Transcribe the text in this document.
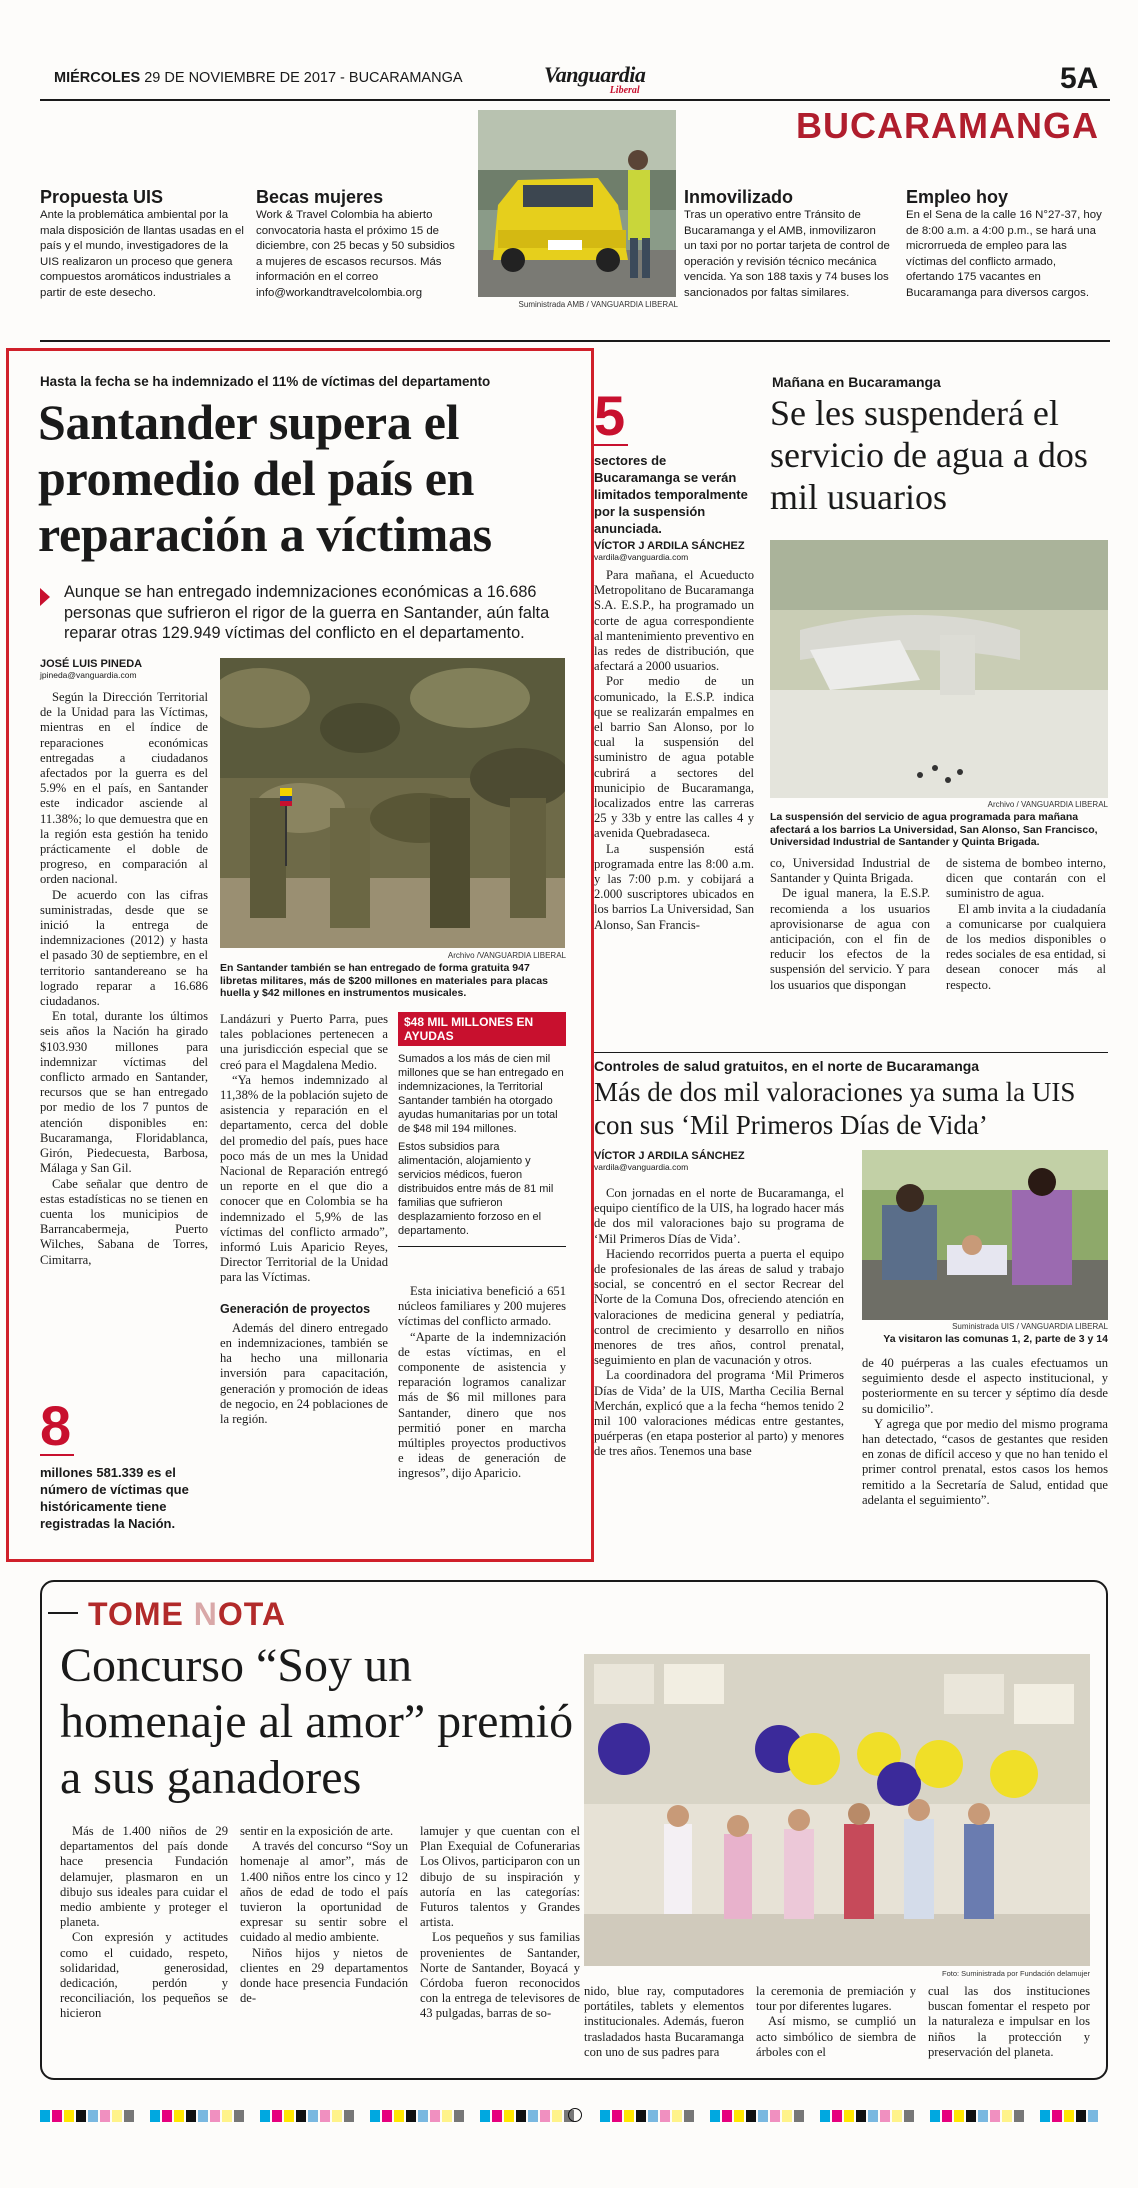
MIÉRCOLES 29 DE NOVIEMBRE DE 2017 - BUCARAMANGA	Vanguardia
Liberal	5A
BUCARAMANGA
Suministrada AMB / VANGUARDIA LIBERAL
Propuesta UIS
Ante la problemática ambiental por la mala disposición de llantas usadas en el país y el mundo, investigadores de la UIS realizaron un proceso que genera compuestos aromáticos industriales a partir de este desecho.
Becas mujeres
Work & Travel Colombia ha abierto convocatoria hasta el próximo 15 de diciembre, con 25 becas y 50 subsidios a mujeres de escasos recursos. Más información en el correo info@workandtravelcolombia.org
Inmovilizado
Tras un operativo entre Tránsito de Bucaramanga y el AMB, inmovilizaron un taxi por no portar tarjeta de control de operación y revisión técnico mecánica vencida. Ya son 188 taxis y 74 buses los sancionados por faltas similares.
Empleo hoy
En el Sena de la calle 16 N°27-37, hoy de 8:00 a.m. a 4:00 p.m., se hará una microrrueda de empleo para las víctimas del conflicto armado, ofertando 175 vacantes en Bucaramanga para diversos cargos.
Hasta la fecha se ha indemnizado el 11% de víctimas del departamento
Santander supera el promedio del país en reparación a víctimas
Aunque se han entregado indemnizaciones económicas a 16.686 personas que sufrieron el rigor de la guerra en Santander, aún falta reparar otras 129.949 víctimas del conflicto en el departamento.
JOSÉ LUIS PINEDA
jpineda@vanguardia.com

Según la Dirección Territorial de la Unidad para las Víctimas, mientras en el índice de reparaciones económicas entregadas a ciudadanos afectados por la guerra es del 5.9% en el país, en Santander este indicador asciende al 11.38%; lo que demuestra que en la región esta gestión ha tenido prácticamente el doble de progreso, en comparación al orden nacional.

De acuerdo con las cifras suministradas, desde que se inició la entrega de indemnizaciones (2012) y hasta el pasado 30 de septiembre, en el territorio santandereano se ha logrado reparar a 16.686 ciudadanos.

En total, durante los últimos seis años la Nación ha girado $103.930 millones para indemnizar víctimas del conflicto armado en Santander, recursos que se han entregado por medio de los 7 puntos de atención disponibles en: Bucaramanga, Floridablanca, Girón, Piedecuesta, Barbosa, Málaga y San Gil.

Cabe señalar que dentro de estas estadísticas no se tienen en cuenta los municipios de Barrancabermeja, Puerto Wilches, Sabana de Torres, Cimitarra,

8
millones 581.339 es el número de víctimas que históricamente tiene registradas la Nación.
Archivo /VANGUARDIA LIBERAL
En Santander también se han entregado de forma gratuita 947 libretas militares, más de $200 millones en materiales para placas huella y $42 millones en instrumentos musicales.

Landázuri y Puerto Parra, pues tales poblaciones pertenecen a una jurisdicción especial que se creó para el Magdalena Medio.

“Ya hemos indemnizado al 11,38% de la población sujeto de asistencia y reparación en el departamento, cerca del doble del promedio del país, pues hace poco más de un mes la Unidad Nacional de Reparación entregó un reporte en el que dio a conocer que en Colombia se ha indemnizado el 5,9% de las víctimas del conflicto armado”, informó Luis Aparicio Reyes, Director Territorial de la Unidad para las Víctimas.

Generación de proyectos

Además del dinero entregado en indemnizaciones, también se ha hecho una millonaria inversión para capacitación, generación y promoción de ideas de negocio, en 24 poblaciones de la región.

$48 MIL MILLONES EN AYUDAS

Sumados a los más de cien mil millones que se han entregado en indemnizaciones, la Territorial Santander también ha otorgado ayudas humanitarias por un total de $48 mil 194 millones.

Estos subsidios para alimentación, alojamiento y servicios médicos, fueron distribuidos entre más de 81 mil familias que sufrieron desplazamiento forzoso en el departamento.

Esta iniciativa benefició a 651 núcleos familiares y 200 mujeres víctimas del conflicto armado.

“Aparte de la indemnización de estas víctimas, en el componente de asistencia y reparación logramos canalizar más de $6 mil millones para Santander, dinero que nos permitió poner en marcha múltiples proyectos productivos e ideas de generación de ingresos”, dijo Aparicio.

5
sectores de Bucaramanga se verán limitados temporalmente por la suspensión anunciada.
Mañana en Bucaramanga
Se les suspenderá el servicio de agua a dos mil usuarios
VÍCTOR J ARDILA SÁNCHEZ
vardila@vanguardia.com

Para mañana, el Acueducto Metropolitano de Bucaramanga S.A. E.S.P., ha programado un corte de agua correspondiente al mantenimiento preventivo en las redes de distribución, que afectará a 2000 usuarios.

Por medio de un comunicado, la E.S.P. indica que se realizarán empalmes en el barrio San Alonso, por lo cual la suspensión del suministro de agua potable cubrirá a sectores del municipio de Bucaramanga, localizados entre las carreras 25 y 33b y entre las calles 4 y avenida Quebradaseca.

La suspensión está programada entre las 8:00 a.m. y las 7:00 p.m. y cobijará a 2.000 suscriptores ubicados en los barrios La Universidad, San Alonso, San Francis-

Archivo / VANGUARDIA LIBERAL
La suspensión del servicio de agua programada para mañana afectará a los barrios La Universidad, San Alonso, San Francisco, Universidad Industrial de Santander y Quinta Brigada.

co, Universidad Industrial de Santander y Quinta Brigada.

De igual manera, la E.S.P. recomienda a los usuarios aprovisionarse de agua con anticipación, con el fin de reducir los efectos de la suspensión del servicio. Y para los usuarios que dispongan

de sistema de bombeo interno, dicen que contarán con el suministro de agua.

El amb invita a la ciudadanía a comunicarse por cualquiera de los medios disponibles o redes sociales de esa entidad, si desean conocer más al respecto.

Controles de salud gratuitos, en el norte de Bucaramanga
Más de dos mil valoraciones ya suma la UIS con sus ‘Mil Primeros Días de Vida’
VÍCTOR J ARDILA SÁNCHEZ
vardila@vanguardia.com

Con jornadas en el norte de Bucaramanga, el equipo científico de la UIS, ha logrado hacer más de dos mil valoraciones bajo su programa de ‘Mil Primeros Días de Vida’.

Haciendo recorridos puerta a puerta el equipo de profesionales de las áreas de salud y trabajo social, se concentró en el sector Recrear del Norte de la Comuna Dos, ofreciendo atención en valoraciones de medicina general y pediatría, control de crecimiento y desarrollo en niños menores de tres años, control prenatal, seguimiento en plan de vacunación y otros.

La coordinadora del programa ‘Mil Primeros Días de Vida’ de la UIS, Martha Cecilia Bernal Merchán, explicó que a la fecha “hemos tenido 2 mil 100 valoraciones médicas entre gestantes, puérperas (en etapa posterior al parto) y menores de tres años. Tenemos una base

Suministrada UIS / VANGUARDIA LIBERAL
Ya visitaron las comunas 1, 2, parte de 3 y 14

de 40 puérperas a las cuales efectuamos un seguimiento desde el aspecto institucional, y posteriormente en su tercer y séptimo día desde su domicilio”.

Y agrega que por medio del mismo programa han detectado, “casos de gestantes que residen en zonas de difícil acceso y que no han tenido el primer control prenatal, estos casos los hemos remitido a la Secretaría de Salud, entidad que adelanta el seguimiento”.

TOME NOTA
Concurso “Soy un homenaje al amor” premió a sus ganadores

Más de 1.400 niños de 29 departamentos del país donde hace presencia Fundación delamujer, plasmaron en un dibujo sus ideales para cuidar el medio ambiente y proteger el planeta.

Con expresión y actitudes como el cuidado, respeto, solidaridad, generosidad, dedicación, perdón y reconciliación, los pequeños se hicieron

sentir en la exposición de arte.

A través del concurso “Soy un homenaje al amor”, más de 1.400 niños entre los cinco y 12 años de edad de todo el país tuvieron la oportunidad de expresar su sentir sobre el cuidado al medio ambiente.

Niños hijos y nietos de clientes en 29 departamentos donde hace presencia Fundación de-

lamujer y que cuentan con el Plan Exequial de Cofunerarias Los Olivos, participaron con un dibujo de su inspiración y autoría en las categorías: Futuros talentos y Grandes artista.

Los pequeños y sus familias provenientes de Santander, Norte de Santander, Boyacá y Córdoba fueron reconocidos con la entrega de televisores de 43 pulgadas, barras de so-

Foto: Suministrada por Fundación delamujer

nido, blue ray, computadores portátiles, tablets y elementos institucionales. Además, fueron trasladados hasta Bucaramanga con uno de sus padres para

la ceremonia de premiación y tour por diferentes lugares.

Así mismo, se cumplió un acto simbólico de siembra de árboles con el

cual las dos instituciones buscan fomentar el respeto por la naturaleza e impulsar en los niños la protección y preservación del planeta.
